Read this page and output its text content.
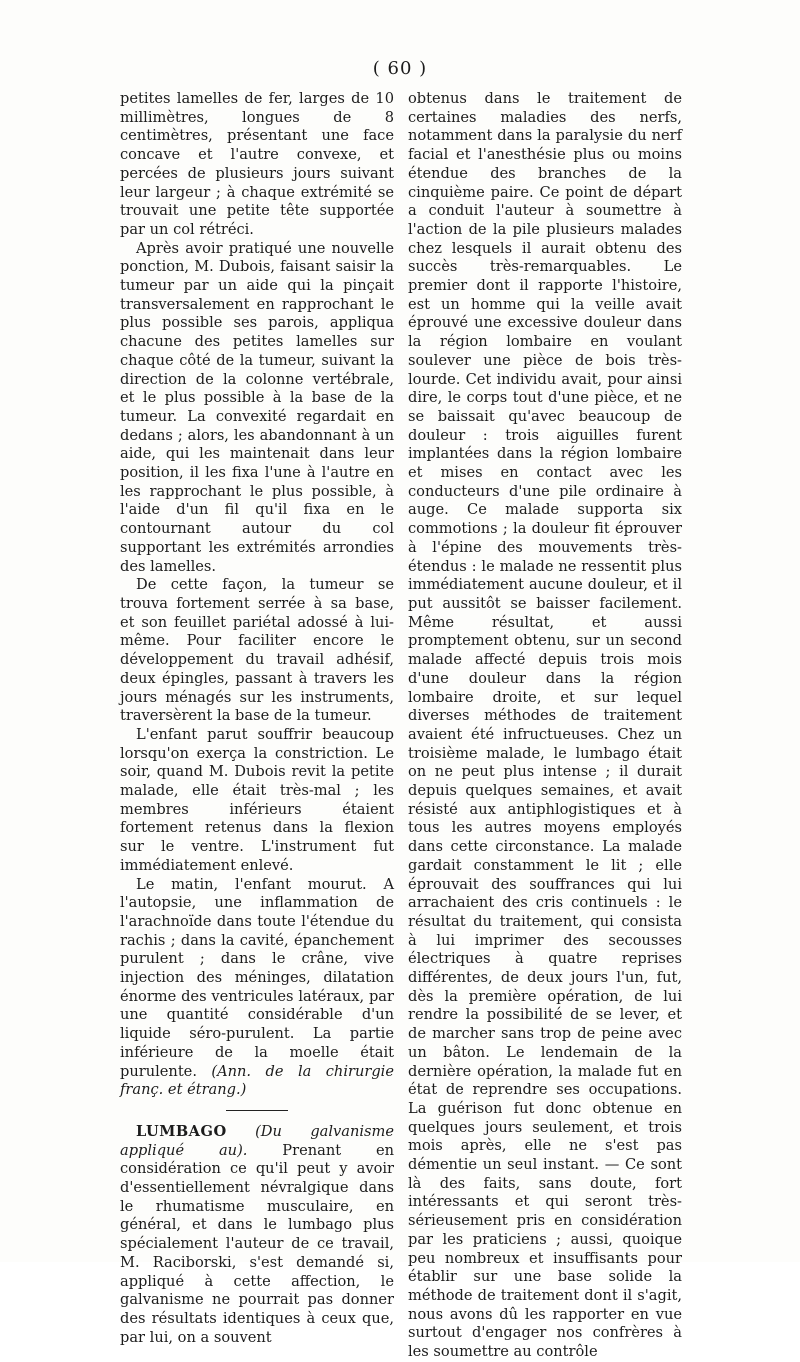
( 60 )

petites lamelles de fer, larges de 10 millimètres, longues de 8 centimètres, présentant une face concave et l'autre convexe, et percées de plusieurs jours suivant leur largeur ; à chaque extrémité se trouvait une petite tête supportée par un col rétréci.

Après avoir pratiqué une nouvelle ponction, M. Dubois, faisant saisir la tumeur par un aide qui la pinçait transversalement en rapprochant le plus possible ses parois, appliqua chacune des petites lamelles sur chaque côté de la tumeur, suivant la direction de la colonne vertébrale, et le plus possible à la base de la tumeur. La convexité regardait en dedans ; alors, les abandonnant à un aide, qui les maintenait dans leur position, il les fixa l'une à l'autre en les rapprochant le plus possible, à l'aide d'un fil qu'il fixa en le contournant autour du col supportant les extrémités arrondies des lamelles.

De cette façon, la tumeur se trouva fortement serrée à sa base, et son feuillet pariétal adossé à lui-même. Pour faciliter encore le développement du travail adhésif, deux épingles, passant à travers les jours ménagés sur les instruments, traversèrent la base de la tumeur.

L'enfant parut souffrir beaucoup lorsqu'on exerça la constriction. Le soir, quand M. Dubois revit la petite malade, elle était très-mal ; les membres inférieurs étaient fortement retenus dans la flexion sur le ventre. L'instrument fut immédiatement enlevé.

Le matin, l'enfant mourut. A l'autopsie, une inflammation de l'arachnoïde dans toute l'étendue du rachis ; dans la cavité, épanchement purulent ; dans le crâne, vive injection des méninges, dilatation énorme des ventricules latéraux, par une quantité considérable d'un liquide séro-purulent. La partie inférieure de la moelle était purulente. (Ann. de la chirurgie franç. et étrang.)

LUMBAGO (Du galvanisme appliqué au). Prenant en considération ce qu'il peut y avoir d'essentiellement névralgique dans le rhumatisme musculaire, en général, et dans le lumbago plus spécialement l'auteur de ce travail, M. Raciborski, s'est demandé si, appliqué à cette affection, le galvanisme ne pourrait pas donner des résultats identiques à ceux que, par lui, on a souvent

obtenus dans le traitement de certaines maladies des nerfs, notamment dans la paralysie du nerf facial et l'anesthésie plus ou moins étendue des branches de la cinquième paire. Ce point de départ a conduit l'auteur à soumettre à l'action de la pile plusieurs malades chez lesquels il aurait obtenu des succès très-remarquables. Le premier dont il rapporte l'histoire, est un homme qui la veille avait éprouvé une excessive douleur dans la région lombaire en voulant soulever une pièce de bois très-lourde. Cet individu avait, pour ainsi dire, le corps tout d'une pièce, et ne se baissait qu'avec beaucoup de douleur : trois aiguilles furent implantées dans la région lombaire et mises en contact avec les conducteurs d'une pile ordinaire à auge. Ce malade supporta six commotions ; la douleur fit éprouver à l'épine des mouvements très-étendus : le malade ne ressentit plus immédiatement aucune douleur, et il put aussitôt se baisser facilement. Même résultat, et aussi promptement obtenu, sur un second malade affecté depuis trois mois d'une douleur dans la région lombaire droite, et sur lequel diverses méthodes de traitement avaient été infructueuses. Chez un troisième malade, le lumbago était on ne peut plus intense ; il durait depuis quelques semaines, et avait résisté aux antiphlogistiques et à tous les autres moyens employés dans cette circonstance. La malade gardait constamment le lit ; elle éprouvait des souffrances qui lui arrachaient des cris continuels : le résultat du traitement, qui consista à lui imprimer des secousses électriques à quatre reprises différentes, de deux jours l'un, fut, dès la première opération, de lui rendre la possibilité de se lever, et de marcher sans trop de peine avec un bâton. Le lendemain de la dernière opération, la malade fut en état de reprendre ses occupations. La guérison fut donc obtenue en quelques jours seulement, et trois mois après, elle ne s'est pas démentie un seul instant. — Ce sont là des faits, sans doute, fort intéressants et qui seront très-sérieusement pris en considération par les praticiens ; aussi, quoique peu nombreux et insuffisants pour établir sur une base solide la méthode de traitement dont il s'agit, nous avons dû les rapporter en vue surtout d'engager nos confrères à les soumettre au contrôle
